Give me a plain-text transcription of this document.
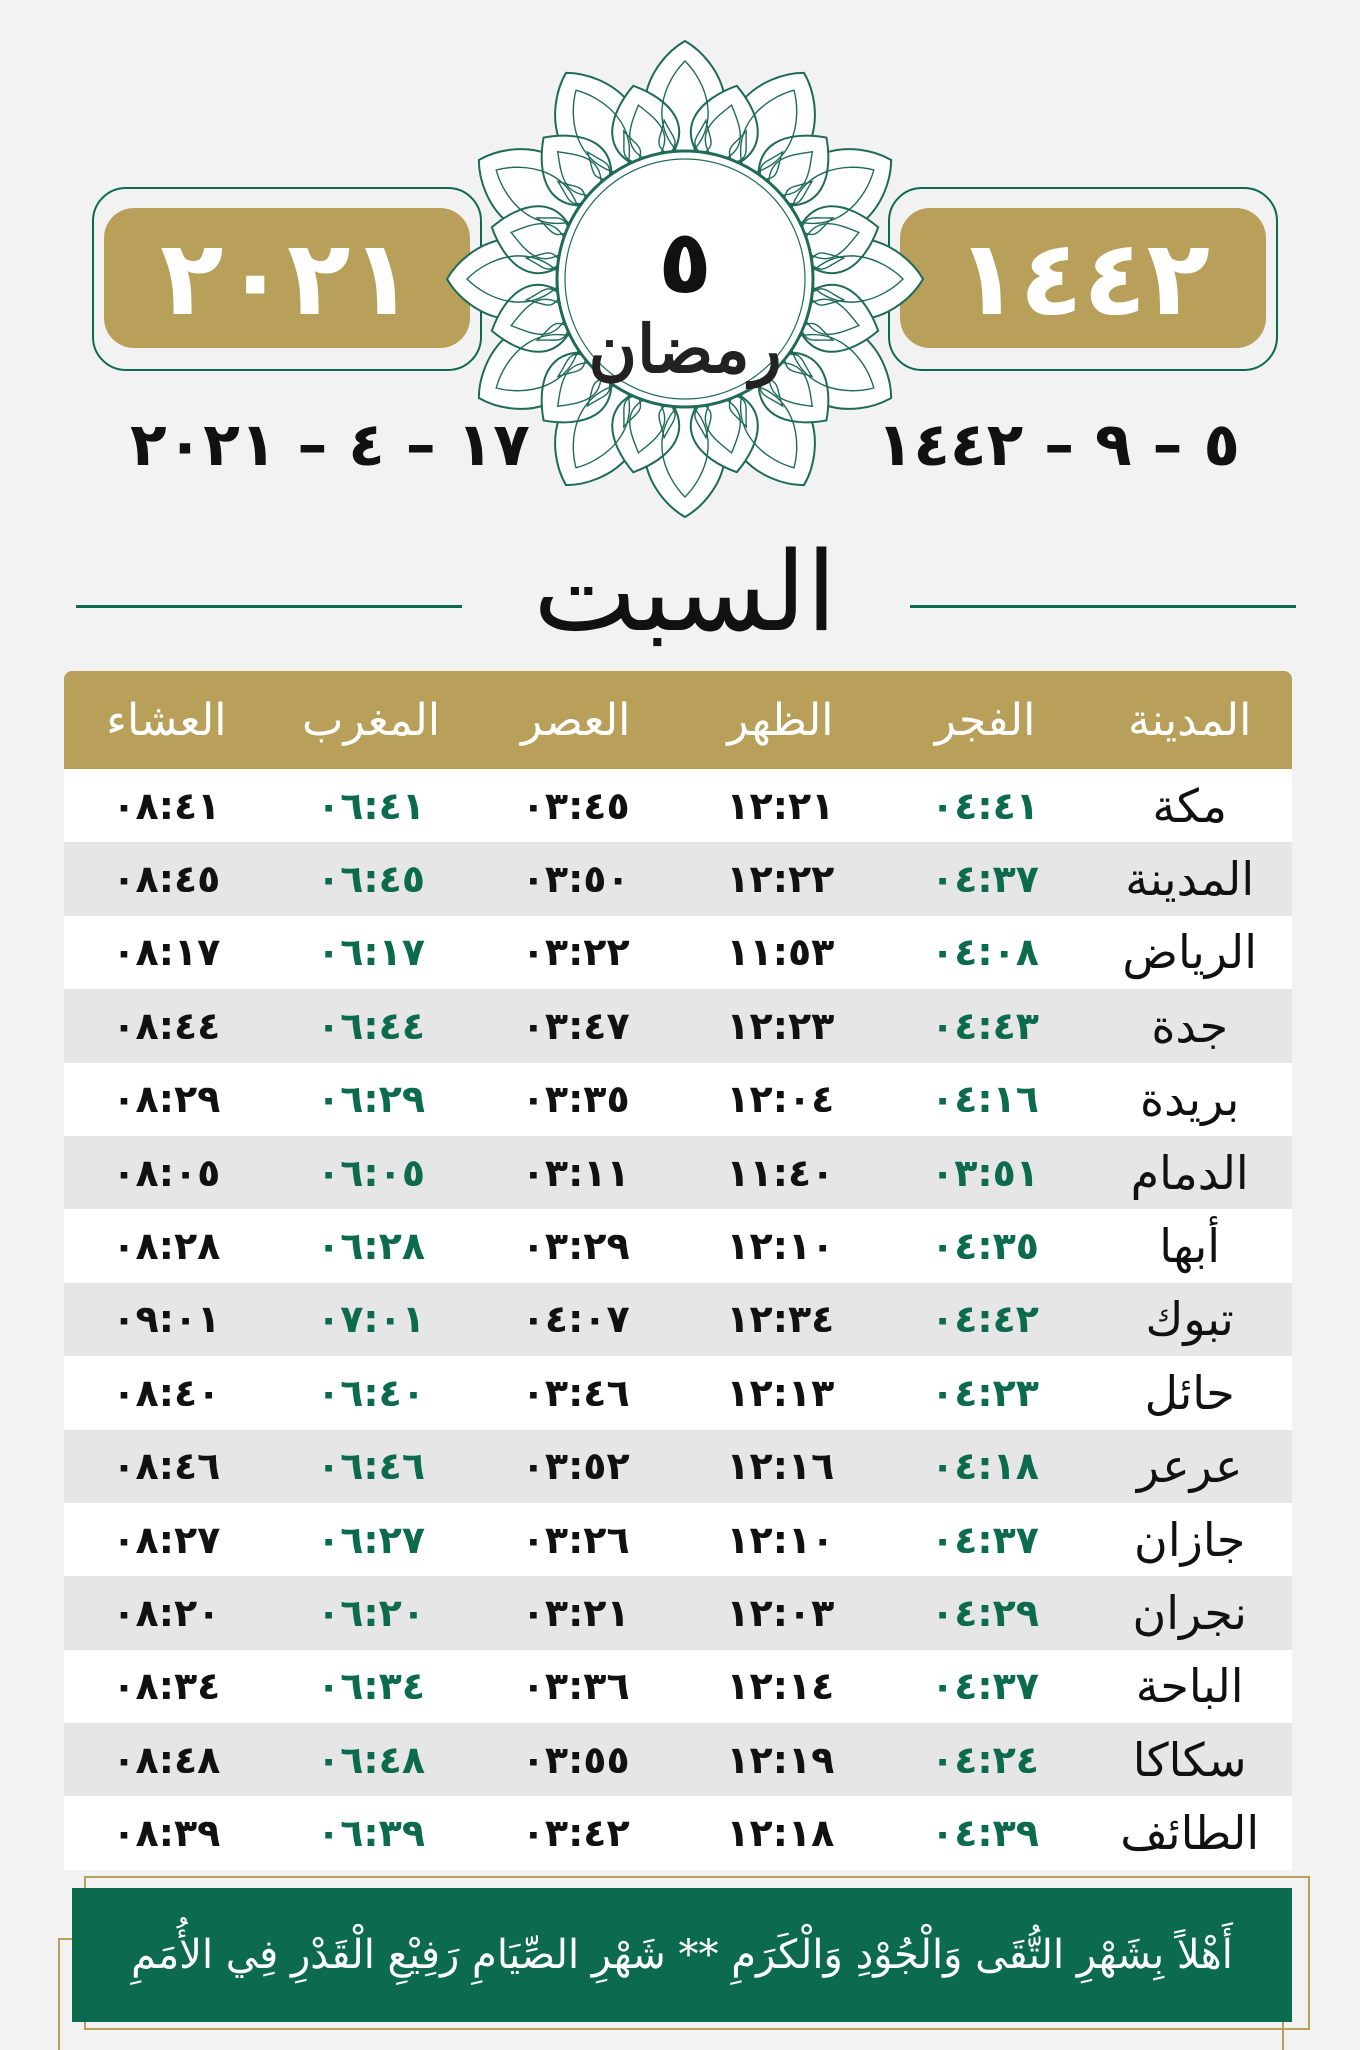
١٤٤٢
٢٠٢١
٥ – ٩ – ١٤٤٢
١٧ – ٤ – ٢٠٢١
٥
رمضان
السبت
المدينة	الفجر	الظهر	العصر	المغرب	العشاء
مكة	٠٤:٤١	١٢:٢١	٠٣:٤٥	٠٦:٤١	٠٨:٤١
المدينة	٠٤:٣٧	١٢:٢٢	٠٣:٥٠	٠٦:٤٥	٠٨:٤٥
الرياض	٠٤:٠٨	١١:٥٣	٠٣:٢٢	٠٦:١٧	٠٨:١٧
جدة	٠٤:٤٣	١٢:٢٣	٠٣:٤٧	٠٦:٤٤	٠٨:٤٤
بريدة	٠٤:١٦	١٢:٠٤	٠٣:٣٥	٠٦:٢٩	٠٨:٢٩
الدمام	٠٣:٥١	١١:٤٠	٠٣:١١	٠٦:٠٥	٠٨:٠٥
أبها	٠٤:٣٥	١٢:١٠	٠٣:٢٩	٠٦:٢٨	٠٨:٢٨
تبوك	٠٤:٤٢	١٢:٣٤	٠٤:٠٧	٠٧:٠١	٠٩:٠١
حائل	٠٤:٢٣	١٢:١٣	٠٣:٤٦	٠٦:٤٠	٠٨:٤٠
عرعر	٠٤:١٨	١٢:١٦	٠٣:٥٢	٠٦:٤٦	٠٨:٤٦
جازان	٠٤:٣٧	١٢:١٠	٠٣:٢٦	٠٦:٢٧	٠٨:٢٧
نجران	٠٤:٢٩	١٢:٠٣	٠٣:٢١	٠٦:٢٠	٠٨:٢٠
الباحة	٠٤:٣٧	١٢:١٤	٠٣:٣٦	٠٦:٣٤	٠٨:٣٤
سكاكا	٠٤:٢٤	١٢:١٩	٠٣:٥٥	٠٦:٤٨	٠٨:٤٨
الطائف	٠٤:٣٩	١٢:١٨	٠٣:٤٢	٠٦:٣٩	٠٨:٣٩
أَهْلاً بِشَهْرِ التُّقَى وَالْجُوْدِ وَالْكَرَمِ ** شَهْرِ الصِّيَامِ رَفِيْعِ الْقَدْرِ فِي الأُمَمِ
